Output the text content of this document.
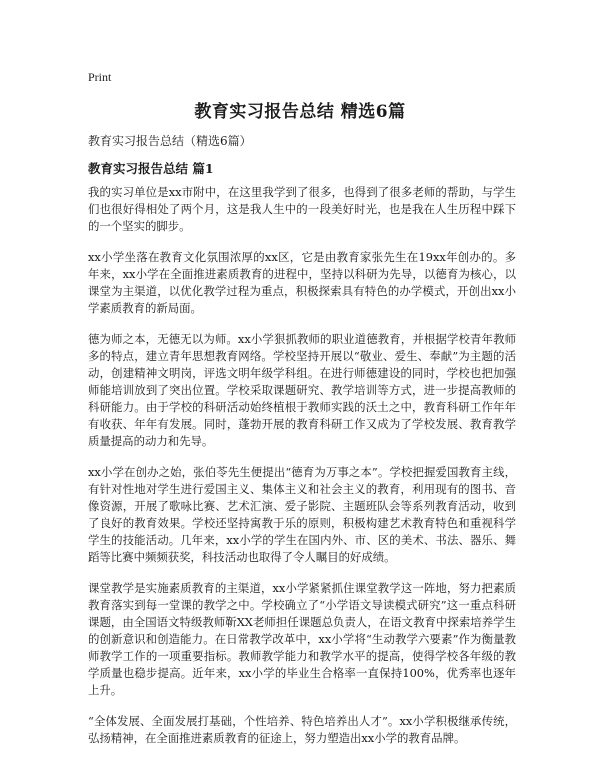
Print
教育实习报告总结 精选6篇

教育实习报告总结（精选6篇）

教育实习报告总结 篇1

我的实习单位是xx市附中，在这里我学到了很多，也得到了很多老师的帮助，与学生们也很好得相处了两个月，这是我人生中的一段美好时光，也是我在人生历程中踩下的一个坚实的脚步。

xx小学坐落在教育文化氛围浓厚的xx区，它是由教育家张先生在19xx年创办的。多年来，xx小学在全面推进素质教育的进程中，坚持以科研为先导，以德育为核心，以课堂为主渠道，以优化教学过程为重点，积极探索具有特色的办学模式，开创出xx小学素质教育的新局面。

德为师之本，无德无以为师。xx小学狠抓教师的职业道德教育，并根据学校青年教师多的特点，建立青年思想教育网络。学校坚持开展以“敬业、爱生、奉献”为主题的活动，创建精神文明岗，评选文明年级学科组。在进行师德建设的同时，学校也把加强师能培训放到了突出位置。学校采取课题研究、教学培训等方式，进一步提高教师的科研能力。由于学校的科研活动始终植根于教师实践的沃土之中，教育科研工作年年有收获、年年有发展。同时，蓬勃开展的教育科研工作又成为了学校发展、教育教学质量提高的动力和先导。

xx小学在创办之始，张伯苓先生便提出“德育为万事之本”。学校把握爱国教育主线，有针对性地对学生进行爱国主义、集体主义和社会主义的教育，利用现有的图书、音像资源，开展了歌咏比赛、艺术汇演、爱子影院、主题班队会等系列教育活动，收到了良好的教育效果。学校还坚持寓教于乐的原则，积极构建艺术教育特色和重视科学学生的技能活动。几年来，xx小学的学生在国内外、市、区的美术、书法、器乐、舞蹈等比赛中频频获奖，科技活动也取得了令人瞩目的好成绩。

课堂教学是实施素质教育的主渠道，xx小学紧紧抓住课堂教学这一阵地，努力把素质教育落实到每一堂课的教学之中。学校确立了“小学语文导读模式研究”这一重点科研课题，由全国语文特级教师靳XX老师担任课题总负责人，在语文教育中探索培养学生的创新意识和创造能力。在日常教学改革中，xx小学将“生动教学六要素”作为衡量教师教学工作的一项重要指标。教师教学能力和教学水平的提高，使得学校各年级的教学质量也稳步提高。近年来，xx小学的毕业生合格率一直保持100%，优秀率也逐年上升。

“全体发展、全面发展打基础，个性培养、特色培养出人才”。xx小学积极继承传统，弘扬精神，在全面推进素质教育的征途上，努力塑造出xx小学的教育品牌。
